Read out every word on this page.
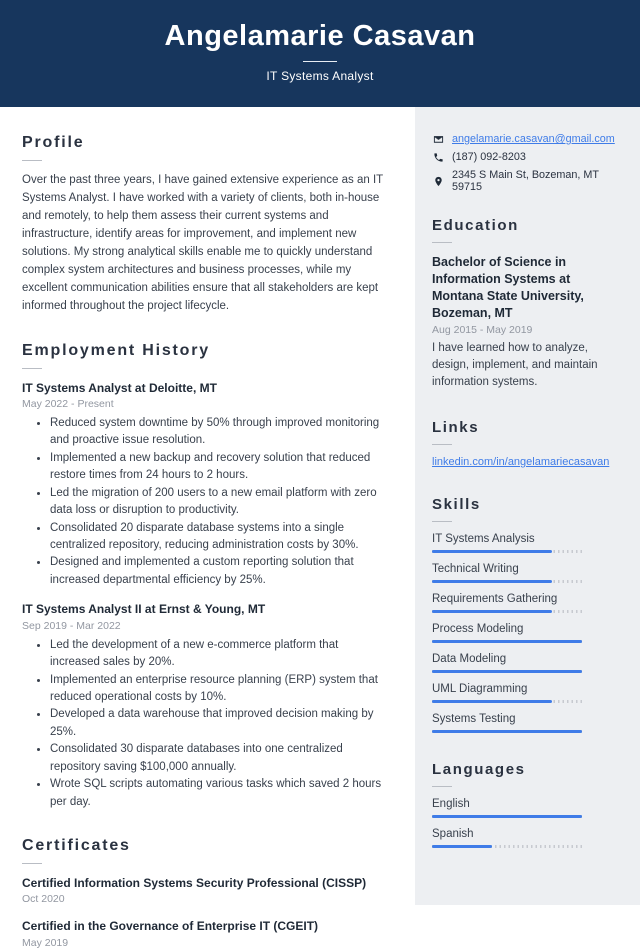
Angelamarie Casavan
IT Systems Analyst
Profile

Over the past three years, I have gained extensive experience as an IT Systems Analyst. I have worked with a variety of clients, both in-house and remotely, to help them assess their current systems and infrastructure, identify areas for improvement, and implement new solutions. My strong analytical skills enable me to quickly understand complex system architectures and business processes, while my excellent communication abilities ensure that all stakeholders are kept informed throughout the project lifecycle.

Employment History
IT Systems Analyst at Deloitte, MT
May 2022 - Present
• Reduced system downtime by 50% through improved monitoring and proactive issue resolution.
• Implemented a new backup and recovery solution that reduced restore times from 24 hours to 2 hours.
• Led the migration of 200 users to a new email platform with zero data loss or disruption to productivity.
• Consolidated 20 disparate database systems into a single centralized repository, reducing administration costs by 30%.
• Designed and implemented a custom reporting solution that increased departmental efficiency by 25%.
IT Systems Analyst II at Ernst & Young, MT
Sep 2019 - Mar 2022
• Led the development of a new e-commerce platform that increased sales by 20%.
• Implemented an enterprise resource planning (ERP) system that reduced operational costs by 10%.
• Developed a data warehouse that improved decision making by 25%.
• Consolidated 30 disparate databases into one centralized repository saving $100,000 annually.
• Wrote SQL scripts automating various tasks which saved 2 hours per day.
Certificates
Certified Information Systems Security Professional (CISSP)
Oct 2020
Certified in the Governance of Enterprise IT (CGEIT)
May 2019
angelamarie.casavan@gmail.com
(187) 092-8203
2345 S Main St, Bozeman, MT 59715
Education
Bachelor of Science in Information Systems at Montana State University, Bozeman, MT
Aug 2015 - May 2019
I have learned how to analyze, design, implement, and maintain information systems.
Links
linkedin.com/in/angelamariecasavan
Skills
IT Systems Analysis
Technical Writing
Requirements Gathering
Process Modeling
Data Modeling
UML Diagramming
Systems Testing
Languages
English
Spanish
